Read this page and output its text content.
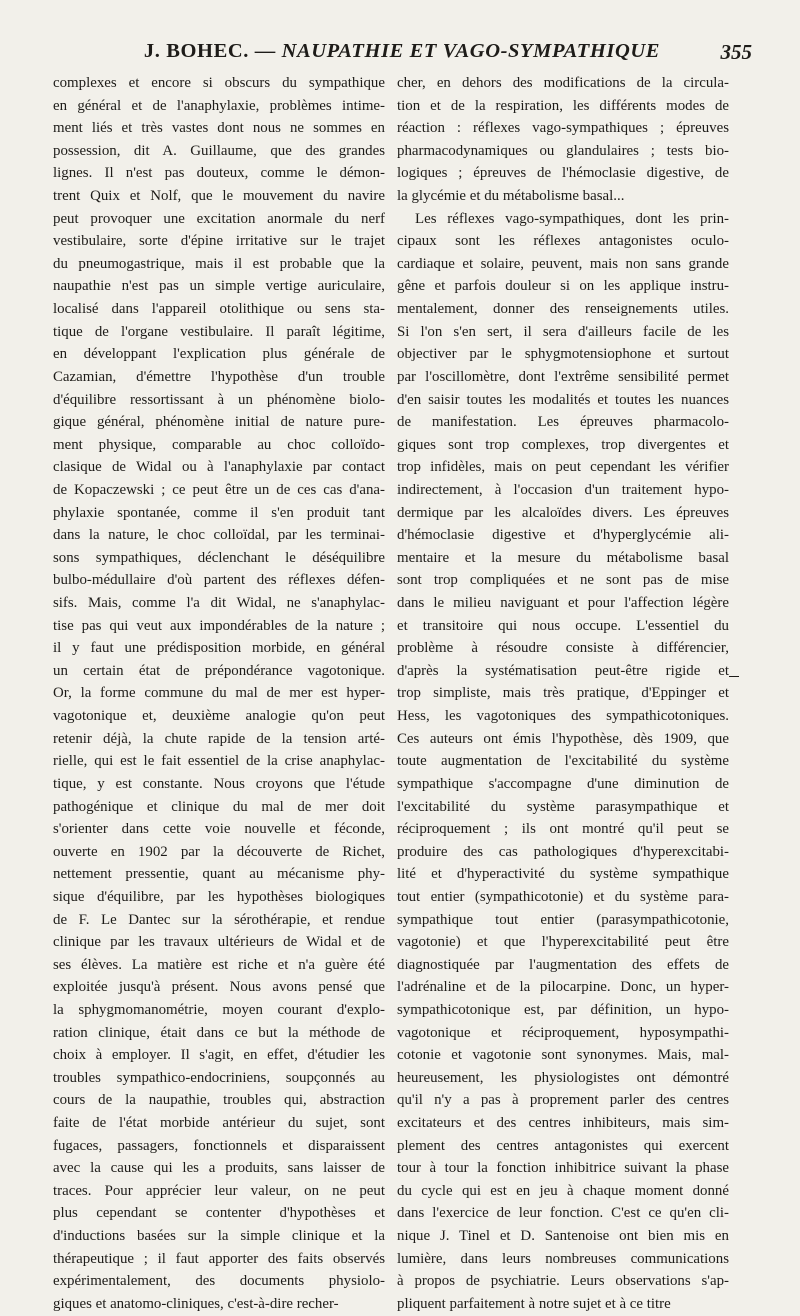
J. BOHEC. — NAUPATHIE ET VAGO-SYMPATHIQUE	355
complexes et encore si obscurs du sympathique
en général et de l'anaphylaxie, problèmes intime-
ment liés et très vastes dont nous ne sommes en
possession, dit A. Guillaume, que des grandes
lignes. Il n'est pas douteux, comme le démon-
trent Quix et Nolf, que le mouvement du navire
peut provoquer une excitation anormale du nerf
vestibulaire, sorte d'épine irritative sur le trajet
du pneumogastrique, mais il est probable que la
naupathie n'est pas un simple vertige auriculaire,
localisé dans l'appareil otolithique ou sens sta-
tique de l'organe vestibulaire. Il paraît légitime,
en développant l'explication plus générale de
Cazamian, d'émettre l'hypothèse d'un trouble
d'équilibre ressortissant à un phénomène biolo-
gique général, phénomène initial de nature pure-
ment physique, comparable au choc colloïdo-
clasique de Widal ou à l'anaphylaxie par contact
de Kopaczewski ; ce peut être un de ces cas d'ana-
phylaxie spontanée, comme il s'en produit tant
dans la nature, le choc colloïdal, par les terminai-
sons sympathiques, déclenchant le déséquilibre
bulbo-médullaire d'où partent des réflexes défen-
sifs. Mais, comme l'a dit Widal, ne s'anaphylac-
tise pas qui veut aux impondérables de la nature ;
il y faut une prédisposition morbide, en général
un certain état de prépondérance vagotonique.
Or, la forme commune du mal de mer est hyper-
vagotonique et, deuxième analogie qu'on peut
retenir déjà, la chute rapide de la tension arté-
rielle, qui est le fait essentiel de la crise anaphylac-
tique, y est constante. Nous croyons que l'étude
pathogénique et clinique du mal de mer doit
s'orienter dans cette voie nouvelle et féconde,
ouverte en 1902 par la découverte de Richet,
nettement pressentie, quant au mécanisme phy-
sique d'équilibre, par les hypothèses biologiques
de F. Le Dantec sur la sérothérapie, et rendue
clinique par les travaux ultérieurs de Widal et de
ses élèves. La matière est riche et n'a guère été
exploitée jusqu'à présent. Nous avons pensé que
la sphygmomanométrie, moyen courant d'explo-
ration clinique, était dans ce but la méthode de
choix à employer. Il s'agit, en effet, d'étudier les
troubles sympathico-endocriniens, soupçonnés au
cours de la naupathie, troubles qui, abstraction
faite de l'état morbide antérieur du sujet, sont
fugaces, passagers, fonctionnels et disparaissent
avec la cause qui les a produits, sans laisser de
traces. Pour apprécier leur valeur, on ne peut
plus cependant se contenter d'hypothèses et
d'inductions basées sur la simple clinique et la
thérapeutique ; il faut apporter des faits observés
expérimentalement, des documents physiolo-
giques et anatomo-cliniques, c'est-à-dire recher-
cher, en dehors des modifications de la circula-
tion et de la respiration, les différents modes de
réaction : réflexes vago-sympathiques ; épreuves
pharmacodynamiques ou glandulaires ; tests bio-
logiques ; épreuves de l'hémoclasie digestive, de
la glycémie et du métabolisme basal...
Les réflexes vago-sympathiques, dont les prin-
cipaux sont les réflexes antagonistes oculo-
cardiaque et solaire, peuvent, mais non sans grande
gêne et parfois douleur si on les applique instru-
mentalement, donner des renseignements utiles.
Si l'on s'en sert, il sera d'ailleurs facile de les
objectiver par le sphygmotensiophone et surtout
par l'oscillomètre, dont l'extrême sensibilité permet
d'en saisir toutes les modalités et toutes les nuances
de manifestation. Les épreuves pharmacolo-
giques sont trop complexes, trop divergentes et
trop infidèles, mais on peut cependant les vérifier
indirectement, à l'occasion d'un traitement hypo-
dermique par les alcaloïdes divers. Les épreuves
d'hémoclasie digestive et d'hyperglycémie ali-
mentaire et la mesure du métabolisme basal
sont trop compliquées et ne sont pas de mise
dans le milieu naviguant et pour l'affection légère
et transitoire qui nous occupe. L'essentiel du
problème à résoudre consiste à différencier,
d'après la systématisation peut-être rigide et
trop simpliste, mais très pratique, d'Eppinger et
Hess, les vagotoniques des sympathicotoniques.
Ces auteurs ont émis l'hypothèse, dès 1909, que
toute augmentation de l'excitabilité du système
sympathique s'accompagne d'une diminution de
l'excitabilité du système parasympathique et
réciproquement ; ils ont montré qu'il peut se
produire des cas pathologiques d'hyperexcitabi-
lité et d'hyperactivité du système sympathique
tout entier (sympathicotonie) et du système para-
sympathique tout entier (parasympathicotonie,
vagotonie) et que l'hyperexcitabilité peut être
diagnostiquée par l'augmentation des effets de
l'adrénaline et de la pilocarpine. Donc, un hyper-
sympathicotonique est, par définition, un hypo-
vagotonique et réciproquement, hyposympathi-
cotonie et vagotonie sont synonymes. Mais, mal-
heureusement, les physiologistes ont démontré
qu'il n'y a pas à proprement parler des centres
excitateurs et des centres inhibiteurs, mais sim-
plement des centres antagonistes qui exercent
tour à tour la fonction inhibitrice suivant la phase
du cycle qui est en jeu à chaque moment donné
dans l'exercice de leur fonction. C'est ce qu'en cli-
nique J. Tinel et D. Santenoise ont bien mis en
lumière, dans leurs nombreuses communications
à propos de psychiatrie. Leurs observations s'ap-
pliquent parfaitement à notre sujet et à ce titre
